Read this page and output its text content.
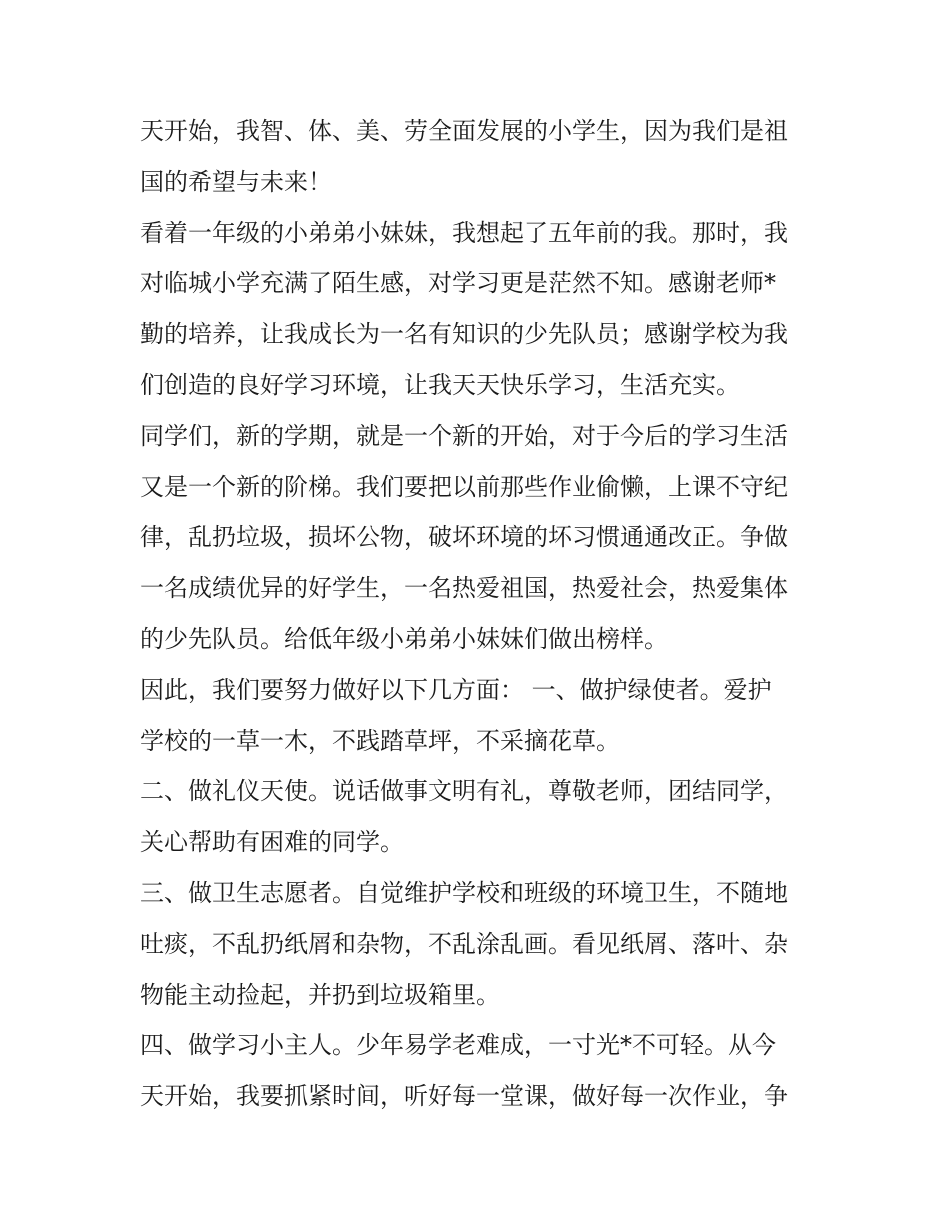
天开始，我智、体、美、劳全面发展的小学生，因为我们是祖
国的希望与未来！
看着一年级的小弟弟小妹妹，我想起了五年前的我。那时，我
对临城小学充满了陌生感，对学习更是茫然不知。感谢老师*
勤的培养，让我成长为一名有知识的少先队员；感谢学校为我
们创造的良好学习环境，让我天天快乐学习，生活充实。
同学们，新的学期，就是一个新的开始，对于今后的学习生活
又是一个新的阶梯。我们要把以前那些作业偷懒，上课不守纪
律，乱扔垃圾，损坏公物，破坏环境的坏习惯通通改正。争做
一名成绩优异的好学生，一名热爱祖国，热爱社会，热爱集体
的少先队员。给低年级小弟弟小妹妹们做出榜样。
因此，我们要努力做好以下几方面： 一、做护绿使者。爱护
学校的一草一木，不践踏草坪，不采摘花草。
二、做礼仪天使。说话做事文明有礼，尊敬老师，团结同学，
关心帮助有困难的同学。
三、做卫生志愿者。自觉维护学校和班级的环境卫生，不随地
吐痰，不乱扔纸屑和杂物，不乱涂乱画。看见纸屑、落叶、杂
物能主动捡起，并扔到垃圾箱里。
四、做学习小主人。少年易学老难成，一寸光*不可轻。从今
天开始，我要抓紧时间，听好每一堂课，做好每一次作业，争
